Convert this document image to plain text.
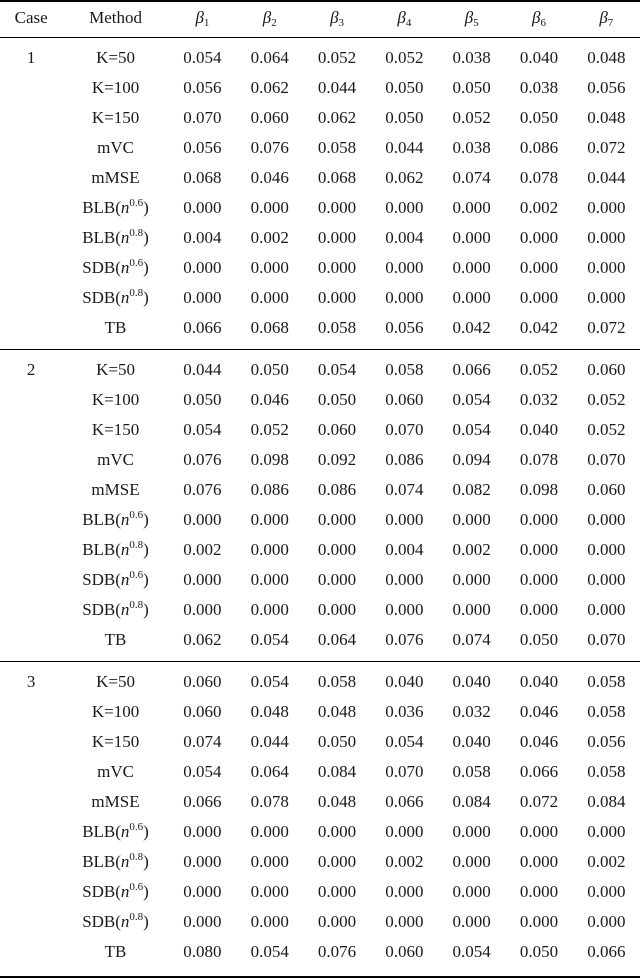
Case	Method	$\beta_1$	$\beta_2$	$\beta_3$	$\beta_4$	$\beta_5$	$\beta_6$	$\beta_7$

1	K=50	0.054	0.064	0.052	0.052	0.038	0.040	0.048
	K=100	0.056	0.062	0.044	0.050	0.050	0.038	0.056
	K=150	0.070	0.060	0.062	0.050	0.052	0.050	0.048
	mVC	0.056	0.076	0.058	0.044	0.038	0.086	0.072
	mMSE	0.068	0.046	0.068	0.062	0.074	0.078	0.044
	$BLB(n^{0.6})$	0.000	0.000	0.000	0.000	0.000	0.002	0.000
	$BLB(n^{0.8})$	0.004	0.002	0.000	0.004	0.000	0.000	0.000
	$SDB(n^{0.6})$	0.000	0.000	0.000	0.000	0.000	0.000	0.000
	$SDB(n^{0.8})$	0.000	0.000	0.000	0.000	0.000	0.000	0.000
	TB	0.066	0.068	0.058	0.056	0.042	0.042	0.072

2	K=50	0.044	0.050	0.054	0.058	0.066	0.052	0.060
	K=100	0.050	0.046	0.050	0.060	0.054	0.032	0.052
	K=150	0.054	0.052	0.060	0.070	0.054	0.040	0.052
	mVC	0.076	0.098	0.092	0.086	0.094	0.078	0.070
	mMSE	0.076	0.086	0.086	0.074	0.082	0.098	0.060
	$BLB(n^{0.6})$	0.000	0.000	0.000	0.000	0.000	0.000	0.000
	$BLB(n^{0.8})$	0.002	0.000	0.000	0.004	0.002	0.000	0.000
	$SDB(n^{0.6})$	0.000	0.000	0.000	0.000	0.000	0.000	0.000
	$SDB(n^{0.8})$	0.000	0.000	0.000	0.000	0.000	0.000	0.000
	TB	0.062	0.054	0.064	0.076	0.074	0.050	0.070

3	K=50	0.060	0.054	0.058	0.040	0.040	0.040	0.058
	K=100	0.060	0.048	0.048	0.036	0.032	0.046	0.058
	K=150	0.074	0.044	0.050	0.054	0.040	0.046	0.056
	mVC	0.054	0.064	0.084	0.070	0.058	0.066	0.058
	mMSE	0.066	0.078	0.048	0.066	0.084	0.072	0.084
	$BLB(n^{0.6})$	0.000	0.000	0.000	0.000	0.000	0.000	0.000
	$BLB(n^{0.8})$	0.000	0.000	0.000	0.002	0.000	0.000	0.002
	$SDB(n^{0.6})$	0.000	0.000	0.000	0.000	0.000	0.000	0.000
	$SDB(n^{0.8})$	0.000	0.000	0.000	0.000	0.000	0.000	0.000
	TB	0.080	0.054	0.076	0.060	0.054	0.050	0.066
